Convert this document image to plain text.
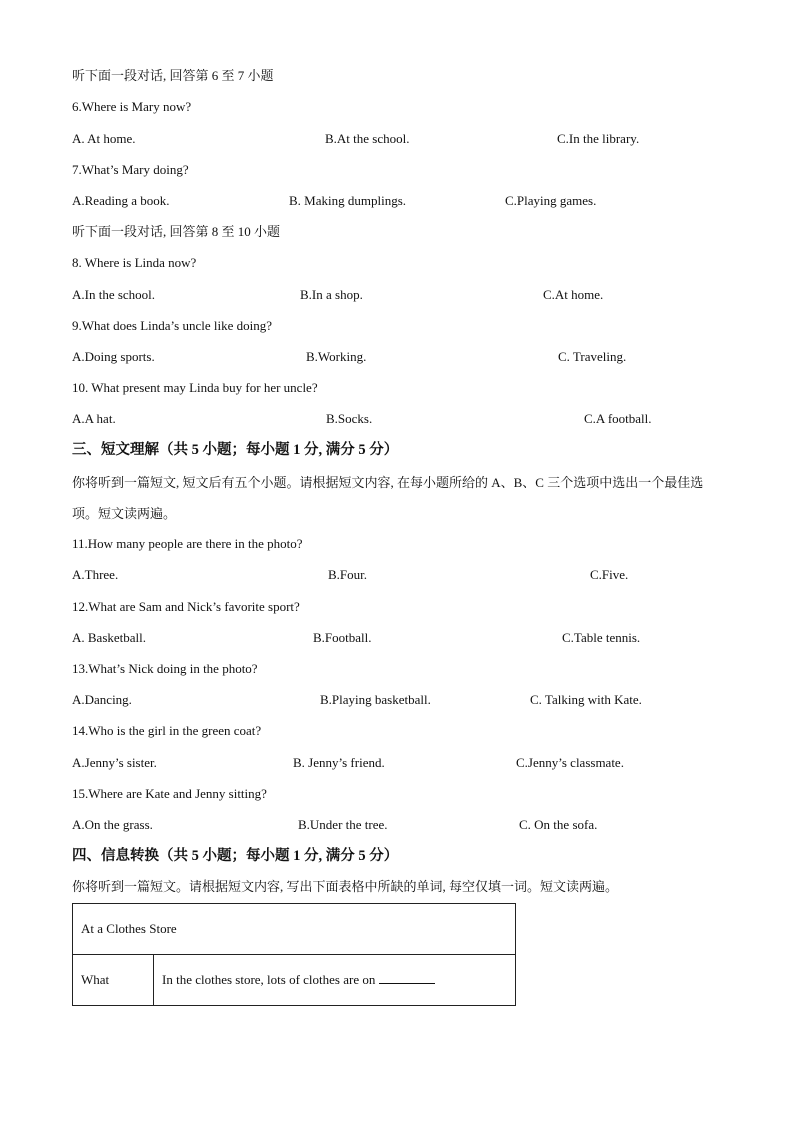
听下面一段对话, 回答第 6 至 7 小题
6.Where is Mary now?
A. At home.	B.At the school.	C.In the library.
7.What’s Mary doing?
A.Reading a book.	B. Making dumplings.	C.Playing games.
听下面一段对话, 回答第 8 至 10 小题
8. Where is Linda now?
A.In the school.	B.In a shop.	C.At home.
9.What does Linda’s uncle like doing?
A.Doing sports.	B.Working.	C. Traveling.
10. What present may Linda buy for her uncle?
A.A hat.	B.Socks.	C.A football.
三、短文理解（共 5 小题；每小题 1 分, 满分 5 分）
你将听到一篇短文, 短文后有五个小题。请根据短文内容, 在每小题所给的 A、B、C 三个选项中选出一个最佳选项。短文读两遍。
11.How many people are there in the photo?
A.Three.	B.Four.	C.Five.
12.What are Sam and Nick’s favorite sport?
A. Basketball.	B.Football.	C.Table tennis.
13.What’s Nick doing in the photo?
A.Dancing.	B.Playing basketball.	C. Talking with Kate.
14.Who is the girl in the green coat?
A.Jenny’s sister.	B. Jenny’s friend.	C.Jenny’s classmate.
15.Where are Kate and Jenny sitting?
A.On the grass.	B.Under the tree.	C. On the sofa.
四、信息转换（共 5 小题；每小题 1 分, 满分 5 分）
你将听到一篇短文。请根据短文内容, 写出下面表格中所缺的单词, 每空仅填一词。短文读两遍。
At a Clothes Store
What	In the clothes store, lots of clothes are on
